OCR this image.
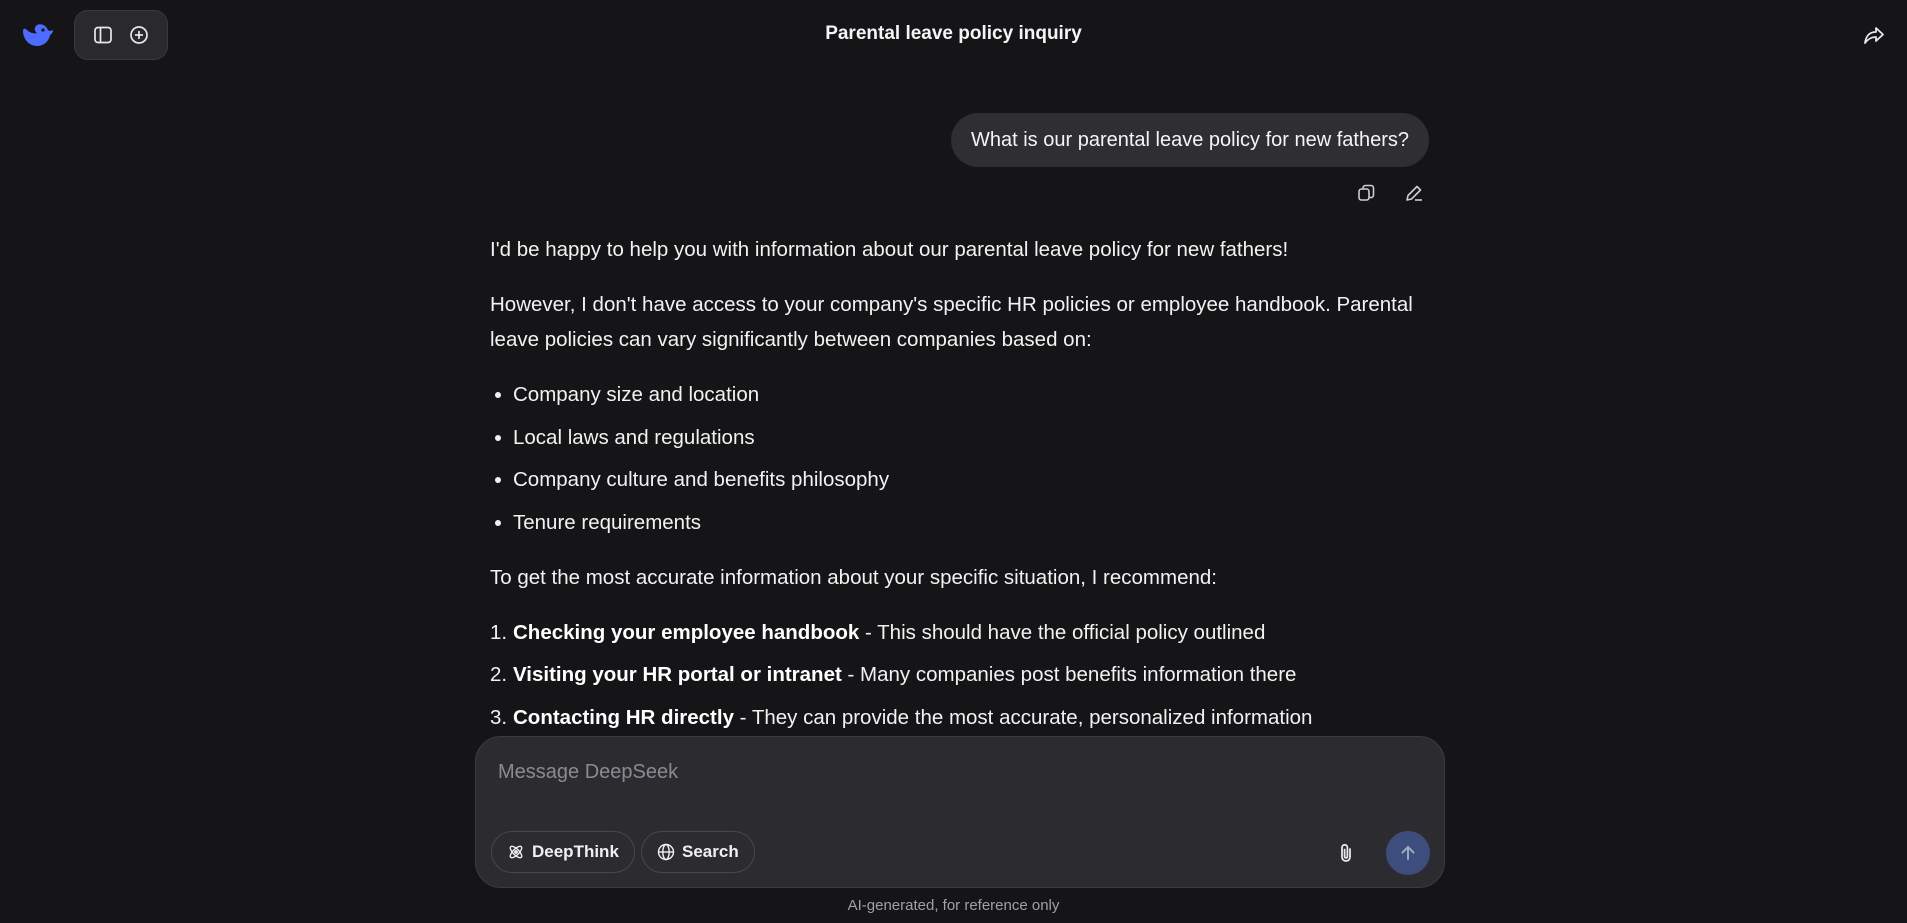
Parental leave policy inquiry
What is our parental leave policy for new fathers?

I'd be happy to help you with information about our parental leave policy for new fathers!

However, I don't have access to your company's specific HR policies or employee handbook. Parental leave policies can vary significantly between companies based on:

Company size and location
Local laws and regulations
Company culture and benefits philosophy
Tenure requirements

To get the most accurate information about your specific situation, I recommend:

1. Checking your employee handbook - This should have the official policy outlined
2. Visiting your HR portal or intranet - Many companies post benefits information there
3. Contacting HR directly - They can provide the most accurate, personalized information
Message DeepSeek
DeepThink	Search
AI-generated, for reference only
